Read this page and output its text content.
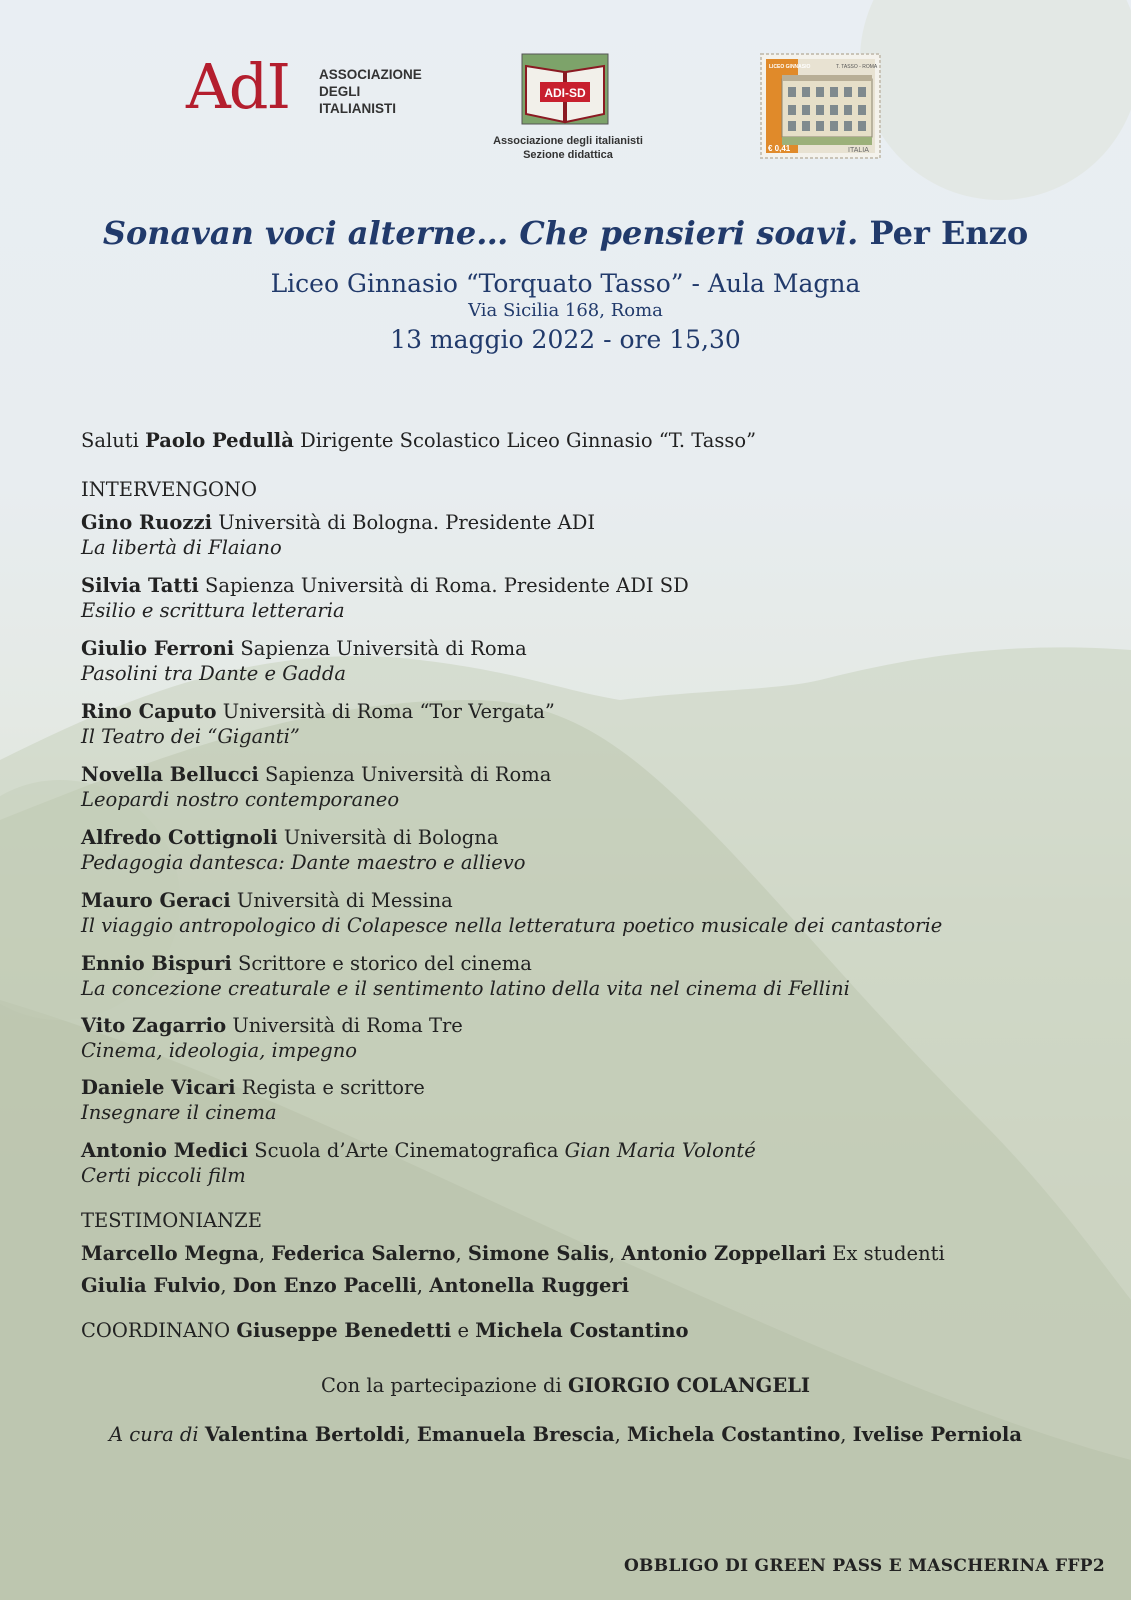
AdI ASSOCIAZIONE
DEGLI
ITALIANISTI
ADI-SD
Associazione degli italianisti
Sezione didattica
LICEO GINNASIO	T. TASSO - ROMA
€ 0,41	ITALIA
Sonavan voci alterne… Che pensieri soavi. Per Enzo
Liceo Ginnasio “Torquato Tasso” - Aula Magna
Via Sicilia 168, Roma
13 maggio 2022 - ore 15,30
Saluti Paolo Pedullà Dirigente Scolastico Liceo Ginnasio “T. Tasso”
INTERVENGONO
Gino Ruozzi Università di Bologna. Presidente ADI
La libertà di Flaiano
Silvia Tatti Sapienza Università di Roma. Presidente ADI SD
Esilio e scrittura letteraria
Giulio Ferroni Sapienza Università di Roma
Pasolini tra Dante e Gadda
Rino Caputo Università di Roma “Tor Vergata”
Il Teatro dei “Giganti”
Novella Bellucci Sapienza Università di Roma
Leopardi nostro contemporaneo
Alfredo Cottignoli Università di Bologna
Pedagogia dantesca: Dante maestro e allievo
Mauro Geraci Università di Messina
Il viaggio antropologico di Colapesce nella letteratura poetico musicale dei cantastorie
Ennio Bispuri Scrittore e storico del cinema
La concezione creaturale e il sentimento latino della vita nel cinema di Fellini
Vito Zagarrio Università di Roma Tre
Cinema, ideologia, impegno
Daniele Vicari Regista e scrittore
Insegnare il cinema
Antonio Medici Scuola d’Arte Cinematografica Gian Maria Volonté
Certi piccoli film
TESTIMONIANZE
Marcello Megna, Federica Salerno, Simone Salis, Antonio Zoppellari Ex studenti
Giulia Fulvio, Don Enzo Pacelli, Antonella Ruggeri
COORDINANO Giuseppe Benedetti e Michela Costantino
Con la partecipazione di GIORGIO COLANGELI
A cura di Valentina Bertoldi, Emanuela Brescia, Michela Costantino, Ivelise Perniola
OBBLIGO DI GREEN PASS E MASCHERINA FFP2
